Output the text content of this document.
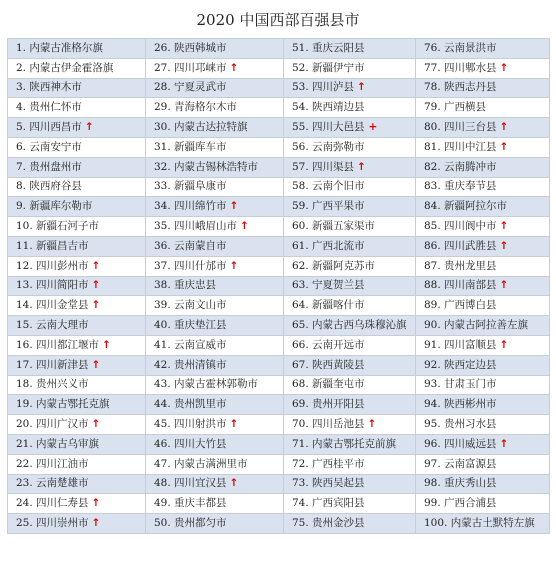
2020 中国西部百强县市
1. 内蒙古准格尔旗	26. 陕西韩城市	51. 重庆云阳县	76. 云南景洪市
2. 内蒙古伊金霍洛旗	27. 四川邛崃市 ↑	52. 新疆伊宁市	77. 四川郫水县 ↑
3. 陕西神木市	28. 宁夏灵武市	53. 四川泸县 ↑	78. 陕西志丹县
4. 贵州仁怀市	29. 青海格尔木市	54. 陕西靖边县	79. 广西横县
5. 四川西昌市 ↑	30. 内蒙古达拉特旗	55. 四川大邑县 +	80. 四川三台县 ↑
6. 云南安宁市	31. 新疆库车市	56. 云南弥勒市	81. 四川中江县 ↑
7. 贵州盘州市	32. 内蒙古锡林浩特市	57. 四川渠县 ↑	82. 云南腾冲市
8. 陕西府谷县	33. 新疆阜康市	58. 云南个旧市	83. 重庆奉节县
9. 新疆库尔勒市	34. 四川绵竹市 ↑	59. 广西平果市	84. 新疆阿拉尔市
10. 新疆石河子市	35. 四川峨眉山市 ↑	60. 新疆五家渠市	85. 四川阆中市 ↑
11. 新疆昌吉市	36. 云南蒙自市	61. 广西北流市	86. 四川武胜县 ↑
12. 四川彭州市 ↑	37. 四川什邡市 ↑	62. 新疆阿克苏市	87. 贵州龙里县
13. 四川简阳市 ↑	38. 重庆忠县	63. 宁夏贺兰县	88. 四川南部县 ↑
14. 四川金堂县 ↑	39. 云南文山市	64. 新疆喀什市	89. 广西博白县
15. 云南大理市	40. 重庆垫江县	65. 内蒙古西乌珠穆沁旗	90. 内蒙古阿拉善左旗
16. 四川都江堰市 ↑	41. 云南宣威市	66. 云南开远市	91. 四川富顺县 ↑
17. 四川新津县 ↑	42. 贵州清镇市	67. 陕西黄陵县	92. 陕西定边县
18. 贵州兴义市	43. 内蒙古霍林郭勒市	68. 新疆奎屯市	93. 甘肃玉门市
19. 内蒙古鄂托克旗	44. 贵州凯里市	69. 贵州开阳县	94. 陕西彬州市
20. 四川广汉市 ↑	45. 四川射洪市 ↑	70. 四川岳池县 ↑	95. 贵州习水县
21. 内蒙古乌审旗	46. 四川大竹县	71. 内蒙古鄂托克前旗	96. 四川威远县 ↑
22. 四川江油市	47. 内蒙古满洲里市	72. 广西桂平市	97. 云南富源县
23. 云南楚雄市	48. 四川宜汉县 ↑	73. 陕西吴起县	98. 重庆秀山县
24. 四川仁寿县 ↑	49. 重庆丰都县	74. 广西宾阳县	99. 广西合浦县
25. 四川崇州市 ↑	50. 贵州都匀市	75. 贵州金沙县	100. 内蒙古土默特左旗
